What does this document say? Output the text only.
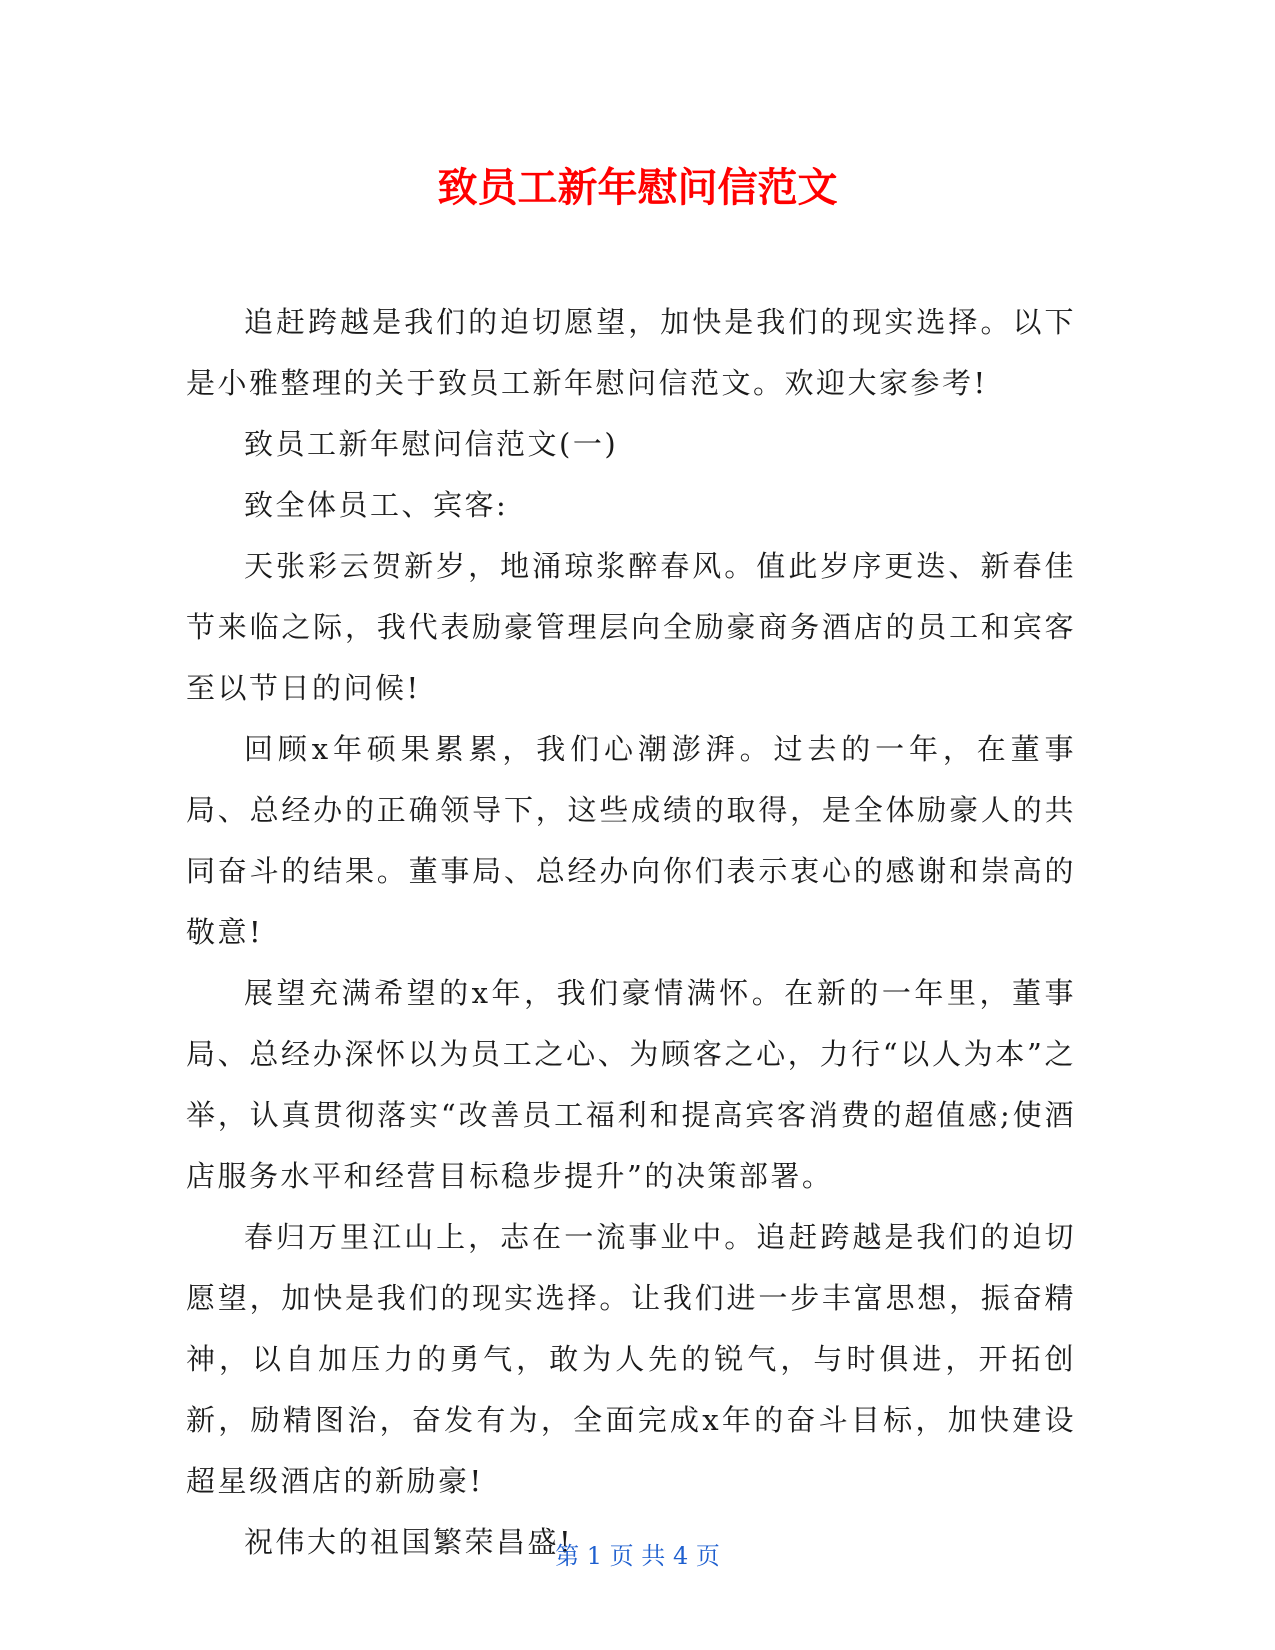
致员工新年慰问信范文

追赶跨越是我们的迫切愿望，加快是我们的现实选择。以下是小雅整理的关于致员工新年慰问信范文。欢迎大家参考!

致员工新年慰问信范文(一)

致全体员工、宾客:

天张彩云贺新岁，地涌琼浆醉春风。值此岁序更迭、新春佳节来临之际，我代表励豪管理层向全励豪商务酒店的员工和宾客至以节日的问候!

回顾x年硕果累累，我们心潮澎湃。过去的一年，在董事局、总经办的正确领导下，这些成绩的取得，是全体励豪人的共同奋斗的结果。董事局、总经办向你们表示衷心的感谢和崇高的敬意!

展望充满希望的x年，我们豪情满怀。在新的一年里，董事局、总经办深怀以为员工之心、为顾客之心，力行“以人为本”之举，认真贯彻落实“改善员工福利和提高宾客消费的超值感;使酒店服务水平和经营目标稳步提升”的决策部署。

春归万里江山上，志在一流事业中。追赶跨越是我们的迫切愿望，加快是我们的现实选择。让我们进一步丰富思想，振奋精神，以自加压力的勇气，敢为人先的锐气，与时俱进，开拓创新，励精图治，奋发有为，全面完成x年的奋斗目标，加快建设超星级酒店的新励豪!

祝伟大的祖国繁荣昌盛!

第 1 页 共 4 页
